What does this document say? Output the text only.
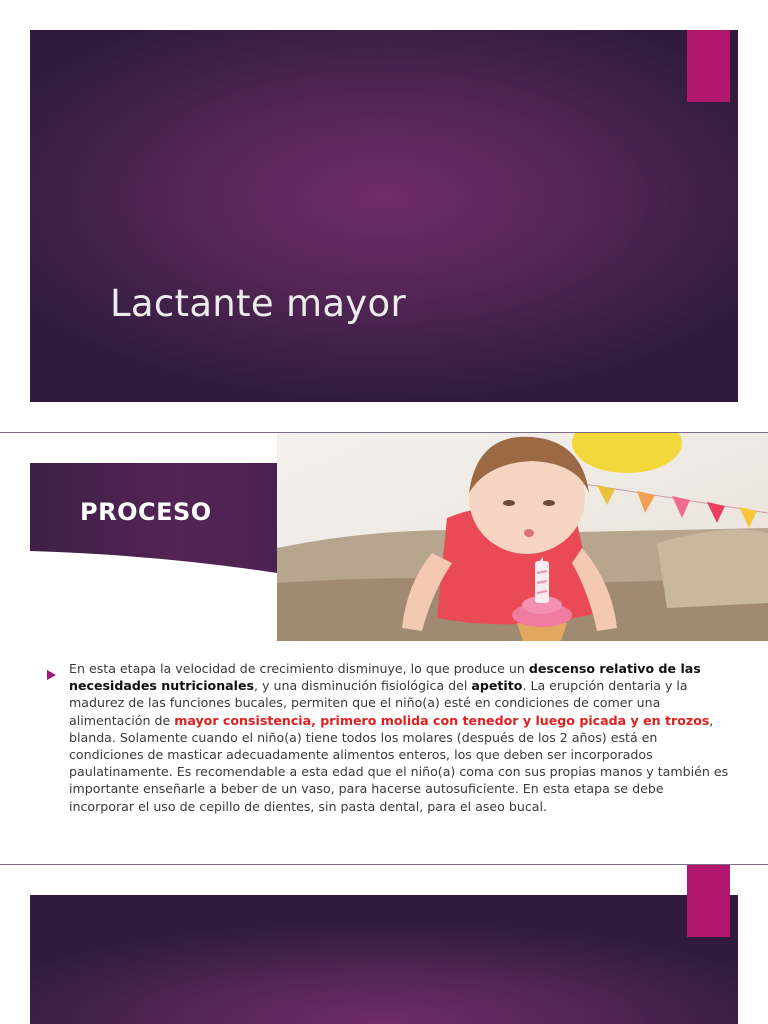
Lactante mayor
PROCESO
En esta etapa la velocidad de crecimiento disminuye, lo que produce un descenso relativo de las necesidades nutricionales, y una disminución fisiológica del apetito. La erupción dentaria y la madurez de las funciones bucales, permiten que el niño(a) esté en condiciones de comer una alimentación de mayor consistencia, primero molida con tenedor y luego picada y en trozos, blanda. Solamente cuando el niño(a) tiene todos los molares (después de los 2 años) está en condiciones de masticar adecuadamente alimentos enteros, los que deben ser incorporados paulatinamente. Es recomendable a esta edad que el niño(a) coma con sus propias manos y también es importante enseñarle a beber de un vaso, para hacerse autosuficiente. En esta etapa se debe incorporar el uso de cepillo de dientes, sin pasta dental, para el aseo bucal.
